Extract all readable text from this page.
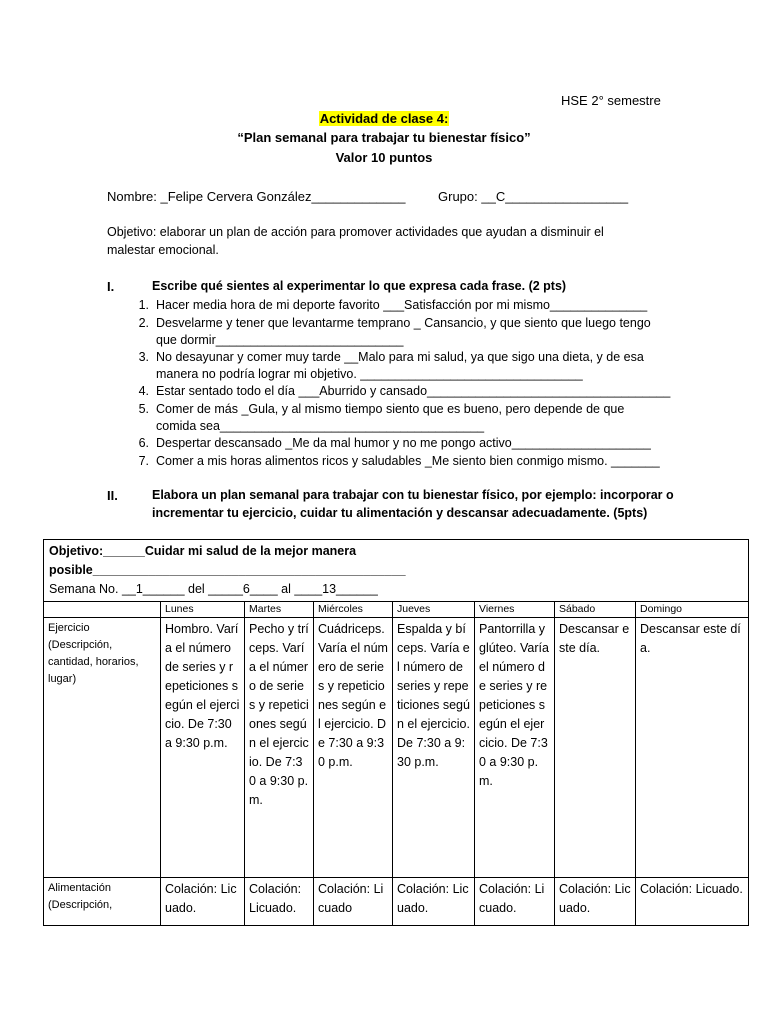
HSE 2° semestre
Actividad de clase 4:
“Plan semanal para trabajar tu bienestar físico”
Valor 10 puntos
Nombre: _Felipe Cervera González_____________	Grupo: __C_________________
Objetivo: elaborar un plan de acción para promover actividades que ayudan a disminuir el
malestar emocional.
I.	Escribe qué sientes al experimentar lo que expresa cada frase. (2 pts)
1. Hacer media hora de mi deporte favorito ___Satisfacción por mi mismo______________
2. Desvelarme y tener que levantarme temprano _ Cansancio, y que siento que luego tengo
que dormir___________________________
3. No desayunar y comer muy tarde __Malo para mi salud, ya que sigo una dieta, y de esa
manera no podría lograr mi objetivo. ________________________________
4. Estar sentado todo el día ___Aburrido y cansado___________________________________
5. Comer de más _Gula, y al mismo tiempo siento que es bueno, pero depende de que
comida sea______________________________________
6. Despertar descansado _Me da mal humor y no me pongo activo____________________
7. Comer a mis horas alimentos ricos y saludables _Me siento bien conmigo mismo. _______
II.	Elabora un plan semanal para trabajar con tu bienestar físico, por ejemplo: incorporar o
incrementar tu ejercicio, cuidar tu alimentación y descansar adecuadamente. (5pts)
Objetivo:______Cuidar mi salud de la mejor manera
posible_____________________________________________
Semana No. __1______ del _____6____ al ____13______							

	Lunes	Martes	Miércoles	Jueves	Viernes	Sábado	Domingo
Ejercicio (Descripción, cantidad, horarios, lugar)	Hombro. Varía el número de series y repeticiones según el ejercicio. De 7:30 a 9:30 p.m.	Pecho y tríceps. Varía el número de series y repeticiones según el ejercicio. De 7:30 a 9:30 p.m.	Cuádriceps. Varía el número de series y repeticiones según el ejercicio. De 7:30 a 9:30 p.m.	Espalda y bíceps. Varía el número de series y repeticiones según el ejercicio. De 7:30 a 9:30 p.m.	Pantorrilla y glúteo. Varía el número de series y repeticiones según el ejercicio. De 7:30 a 9:30 p.m.	Descansar este día.	Descansar este día.
Alimentación (Descripción,	Colación: Licuado.	Colación: Licuado.	Colación: Licuado	Colación: Licuado.	Colación: Licuado.	Colación: Licuado.	Colación: Licuado.
